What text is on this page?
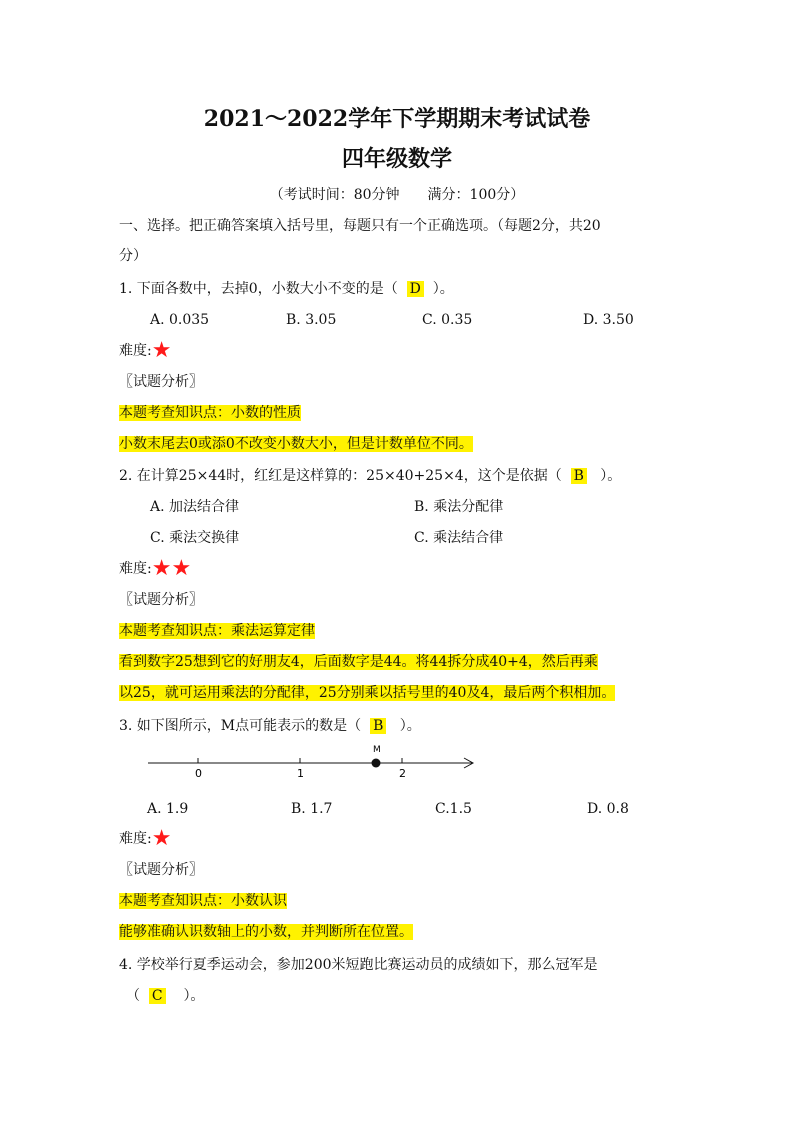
2021～2022学年下学期期末考试试卷
四年级数学
（考试时间：80分钟　　满分：100分）
一、选择。把正确答案填入括号里，每题只有一个正确选项。（每题2分，共20
分）
1. 下面各数中，去掉0，小数大小不变的是（ D ）。
A. 0.035	B. 3.05	C. 0.35	D. 3.50
难度:★
〖试题分析〗
本题考查知识点：小数的性质
小数末尾去0或添0不改变小数大小，但是计数单位不同。
2. 在计算25×44时，红红是这样算的：25×40+25×4，这个是依据（ B ）。
A. 加法结合律	B. 乘法分配律
C. 乘法交换律	C. 乘法结合律
难度:★★
〖试题分析〗
本题考查知识点：乘法运算定律
看到数字25想到它的好朋友4，后面数字是44。将44拆分成40+4，然后再乘
以25，就可运用乘法的分配律，25分别乘以括号里的40及4，最后两个积相加。
3. 如下图所示，M点可能表示的数是（ B ）。
0	1	2
M
A. 1.9	B. 1.7	C.1.5	D. 0.8
难度:★
〖试题分析〗
本题考查知识点：小数认识
能够准确认识数轴上的小数，并判断所在位置。
4. 学校举行夏季运动会，参加200米短跑比赛运动员的成绩如下，那么冠军是
（ C ）。
